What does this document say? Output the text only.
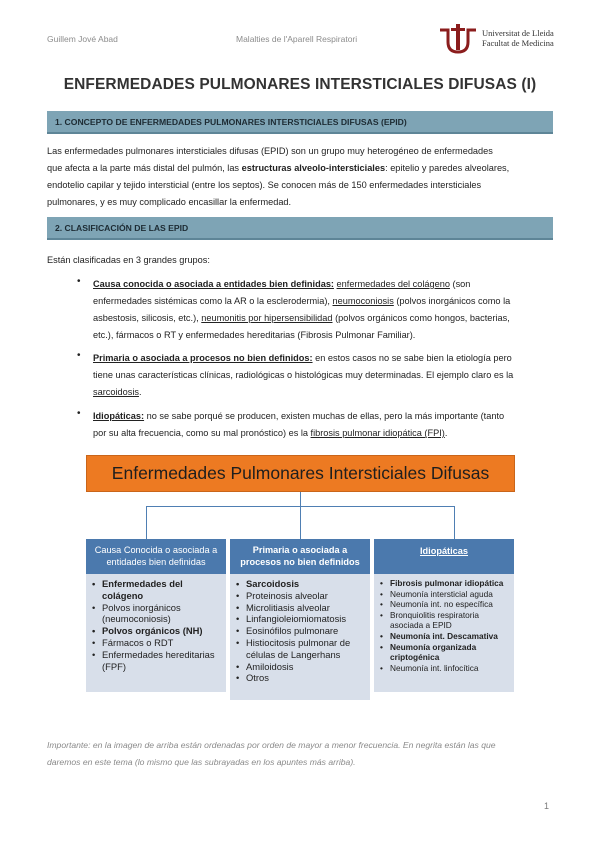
Guillem Jové Abad	Malalties de l'Aparell Respiratori
Universitat de Lleida
Facultat de Medicina
ENFERMEDADES PULMONARES INTERSTICIALES DIFUSAS (I)
1. CONCEPTO DE ENFERMEDADES PULMONARES INTERSTICIALES DIFUSAS (EPID)
Las enfermedades pulmonares intersticiales difusas (EPID) son un grupo muy heterogéneo de enfermedades
que afecta a la parte más distal del pulmón, las estructuras alveolo-intersticiales: epitelio y paredes alveolares,
endotelio capilar y tejido intersticial (entre los septos). Se conocen más de 150 enfermedades intersticiales
pulmonares, y es muy complicado encasillar la enfermedad.
2. CLASIFICACIÓN DE LAS EPID
Están clasificadas en 3 grandes grupos:
• Causa conocida o asociada a entidades bien definidas: enfermedades del colágeno (son
enfermedades sistémicas como la AR o la esclerodermia), neumoconiosis (polvos inorgánicos como la
asbestosis, silicosis, etc.), neumonitis por hipersensibilidad (polvos orgánicos como hongos, bacterias,
etc.), fármacos o RT y enfermedades hereditarias (Fibrosis Pulmonar Familiar).
• Primaria o asociada a procesos no bien definidos: en estos casos no se sabe bien la etiología pero
tiene unas características clínicas, radiológicas o histológicas muy determinadas. El ejemplo claro es la
sarcoidosis.
• Idiopáticas: no se sabe porqué se producen, existen muchas de ellas, pero la más importante (tanto
por su alta frecuencia, como su mal pronóstico) es la fibrosis pulmonar idiopática (FPI).
Enfermedades Pulmonares Intersticiales Difusas
Causa Conocida o asociada a
entidades bien definidas
• Enfermedades del colágeno
• Polvos inorgánicos (neumoconiosis)
• Polvos orgánicos (NH)
• Fármacos o RDT
• Enfermedades hereditarias (FPF)
Primaria o asociada a
procesos no bien definidos
• Sarcoidosis
• Proteinosis alveolar
• Microlitiasis alveolar
• Linfangioleiomiomatosis
• Eosinófilos pulmonare
• Histiocitosis pulmonar de células de Langerhans
• Amiloidosis
• Otros
Idiopáticas
• Fibrosis pulmonar idiopática
• Neumonía intersticial aguda
• Neumonía int. no específica
• Bronquiolitis respiratoria asociada a EPID
• Neumonía int. Descamativa
• Neumonía organizada criptogénica
• Neumonía int. linfocítica
Importante: en la imagen de arriba están ordenadas por orden de mayor a menor frecuencia. En negrita están las que
daremos en este tema (lo mismo que las subrayadas en los apuntes más arriba).
1
